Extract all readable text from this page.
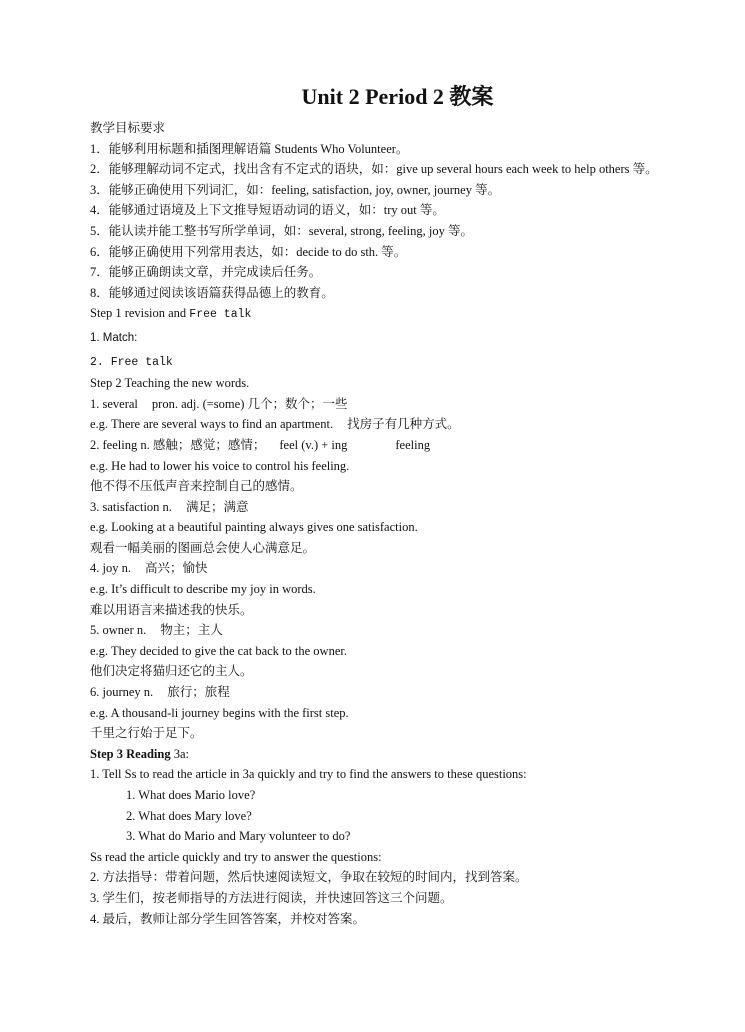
Unit 2 Period 2 教案
教学目标要求
1．能够利用标题和插图理解语篇 Students Who Volunteer。
2．能够理解动词不定式，找出含有不定式的语块，如：give up several hours each week to help others 等。
3．能够正确使用下列词汇，如：feeling, satisfaction, joy, owner, journey 等。
4．能够通过语境及上下文推导短语动词的语义，如：try out 等。
5．能认读并能工整书写所学单词，如：several, strong, feeling, joy 等。
6．能够正确使用下列常用表达，如：decide to do sth. 等。
7．能够正确朗读文章，并完成读后任务。
8．能够通过阅读该语篇获得品德上的教育。
Step 1 revision and Free talk
1. Match:
2. Free talk
Step 2 Teaching the new words.
1. several pron. adj. (=some) 几个；数个；一些
e.g. There are several ways to find an apartment. 找房子有几种方式。
2. feeling n. 感触；感觉；感情； feel (v.) + ing	feeling
e.g. He had to lower his voice to control his feeling.
他不得不压低声音来控制自己的感情。
3. satisfaction n. 满足；满意
e.g. Looking at a beautiful painting always gives one satisfaction.
观看一幅美丽的图画总会使人心满意足。
4. joy n. 高兴；愉快
e.g. It’s difficult to describe my joy in words.
难以用语言来描述我的快乐。
5. owner n. 物主；主人
e.g. They decided to give the cat back to the owner.
他们决定将猫归还它的主人。
6. journey n. 旅行；旅程
e.g. A thousand-li journey begins with the first step.
千里之行始于足下。
Step 3 Reading 3a:
1. Tell Ss to read the article in 3a quickly and try to find the answers to these questions:
1. What does Mario love?
2. What does Mary love?
3. What do Mario and Mary volunteer to do?
Ss read the article quickly and try to answer the questions:
2. 方法指导：带着问题，然后快速阅读短文，争取在较短的时间内，找到答案。
3. 学生们，按老师指导的方法进行阅读，并快速回答这三个问题。
4. 最后，教师让部分学生回答答案，并校对答案。
